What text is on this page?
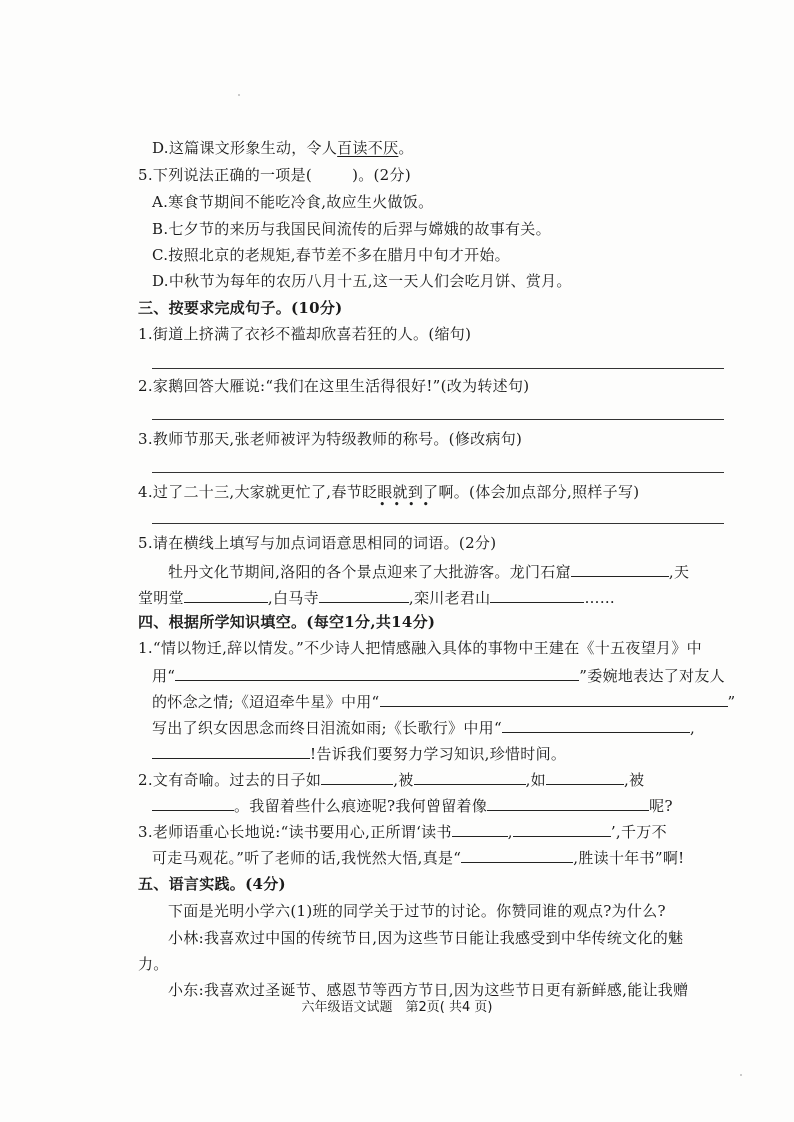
D.这篇课文形象生动，令人百读不厌。
5.下列说法正确的一项是(	)。(2分)
A.寒食节期间不能吃冷食,故应生火做饭。
B.七夕节的来历与我国民间流传的后羿与嫦娥的故事有关。
C.按照北京的老规矩,春节差不多在腊月中旬才开始。
D.中秋节为每年的农历八月十五,这一天人们会吃月饼、赏月。
三、按要求完成句子。(10分)
1.街道上挤满了衣衫不褴却欣喜若狂的人。(缩句)
2.家鹅回答大雁说:“我们在这里生活得很好!”(改为转述句)
3.教师节那天,张老师被评为特级教师的称号。(修改病句)
4.过了二十三,大家就更忙了,春节眨眼就到了啊。(体会加点部分,照样子写)
••••
5.请在横线上填写与加点词语意思相同的词语。(2分)
牡丹文化节期间,洛阳的各个景点迎来了大批游客。龙门石窟	,天
堂明堂	,白马寺	,栾川老君山	……
四、根据所学知识填空。(每空1分,共14分)
1.“情以物迁,辞以情发。”不少诗人把情感融入具体的事物中王建在《十五夜望月》中
用“	”委婉地表达了对友人
的怀念之情;《迢迢牵牛星》中用“	”
写出了织女因思念而终日泪流如雨;《长歌行》中用“	,
!告诉我们要努力学习知识,珍惜时间。
2.文有奇喻。过去的日子如	,被	,如	,被
。我留着些什么痕迹呢?我何曾留着像	呢?
3.老师语重心长地说:“读书要用心,正所谓‘读书	,	’,千万不
可走马观花。”听了老师的话,我恍然大悟,真是“	,胜读十年书”啊!
五、语言实践。(4分)
下面是光明小学六(1)班的同学关于过节的讨论。你赞同谁的观点?为什么?
小林:我喜欢过中国的传统节日,因为这些节日能让我感受到中华传统文化的魅
力。
小东:我喜欢过圣诞节、感恩节等西方节日,因为这些节日更有新鲜感,能让我赠
六年级语文试题　第2页( 共4 页)
